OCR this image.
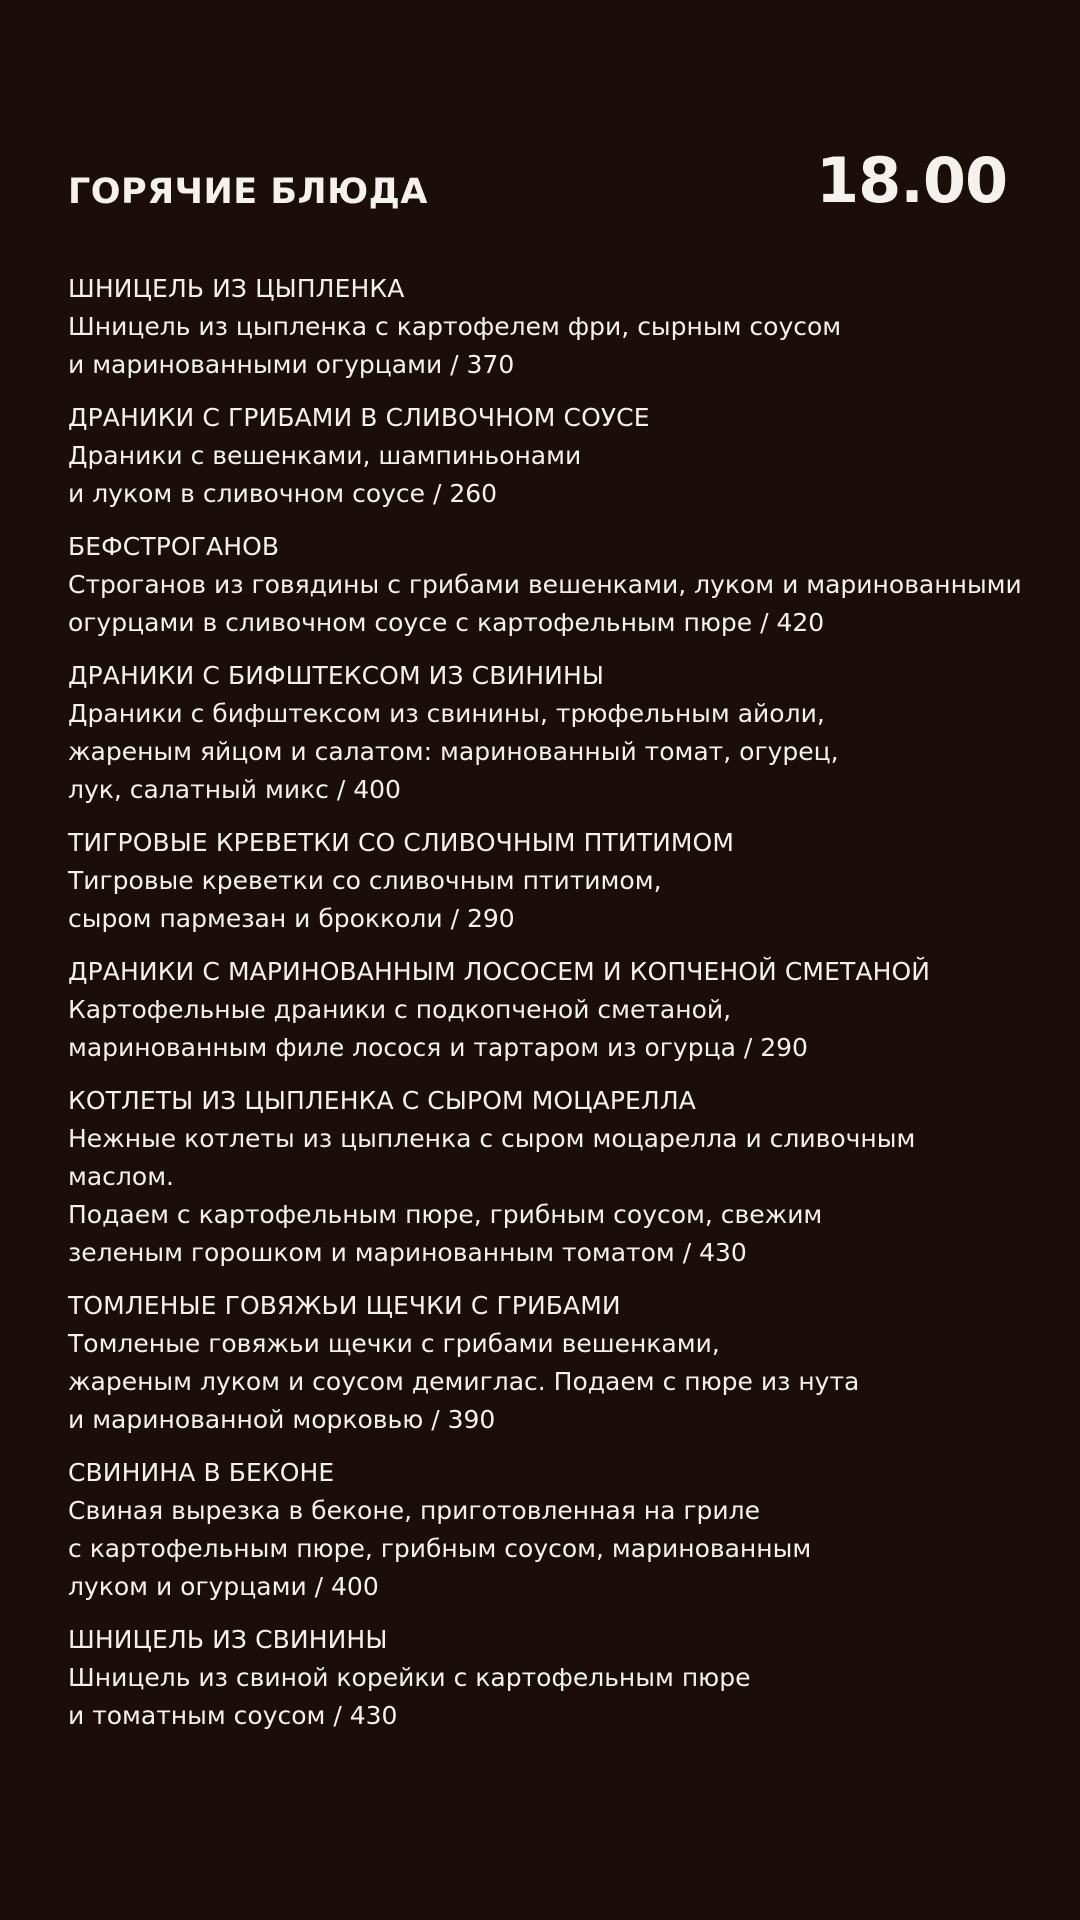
ГОРЯЧИЕ БЛЮДА	18.00
ШНИЦЕЛЬ ИЗ ЦЫПЛЕНКА
Шницель из цыпленка с картофелем фри, сырным соусом
и маринованными огурцами / 370
ДРАНИКИ С ГРИБАМИ В СЛИВОЧНОМ СОУСЕ
Драники с вешенками, шампиньонами
и луком в сливочном соусе / 260
БЕФСТРОГАНОВ
Строганов из говядины с грибами вешенками, луком и маринованными
огурцами в сливочном соусе с картофельным пюре / 420
ДРАНИКИ С БИФШТЕКСОМ ИЗ СВИНИНЫ
Драники с бифштексом из свинины, трюфельным айоли,
жареным яйцом и салатом: маринованный томат, огурец,
лук, салатный микс / 400
ТИГРОВЫЕ КРЕВЕТКИ СО СЛИВОЧНЫМ ПТИТИМОМ
Тигровые креветки со сливочным птитимом,
сыром пармезан и брокколи / 290
ДРАНИКИ С МАРИНОВАННЫМ ЛОСОСЕМ И КОПЧЕНОЙ СМЕТАНОЙ
Картофельные драники с подкопченой сметаной,
маринованным филе лосося и тартаром из огурца / 290
КОТЛЕТЫ ИЗ ЦЫПЛЕНКА С СЫРОМ МОЦАРЕЛЛА
Нежные котлеты из цыпленка с сыром моцарелла и сливочным маслом.
Подаем с картофельным пюре, грибным соусом, свежим
зеленым горошком и маринованным томатом / 430
ТОМЛЕНЫЕ ГОВЯЖЬИ ЩЕЧКИ С ГРИБАМИ
Томленые говяжьи щечки с грибами вешенками,
жареным луком и соусом демиглас. Подаем с пюре из нута
и маринованной морковью / 390
СВИНИНА В БЕКОНЕ
Свиная вырезка в беконе, приготовленная на гриле
с картофельным пюре, грибным соусом, маринованным
луком и огурцами / 400
ШНИЦЕЛЬ ИЗ СВИНИНЫ
Шницель из свиной корейки с картофельным пюре
и томатным соусом / 430
